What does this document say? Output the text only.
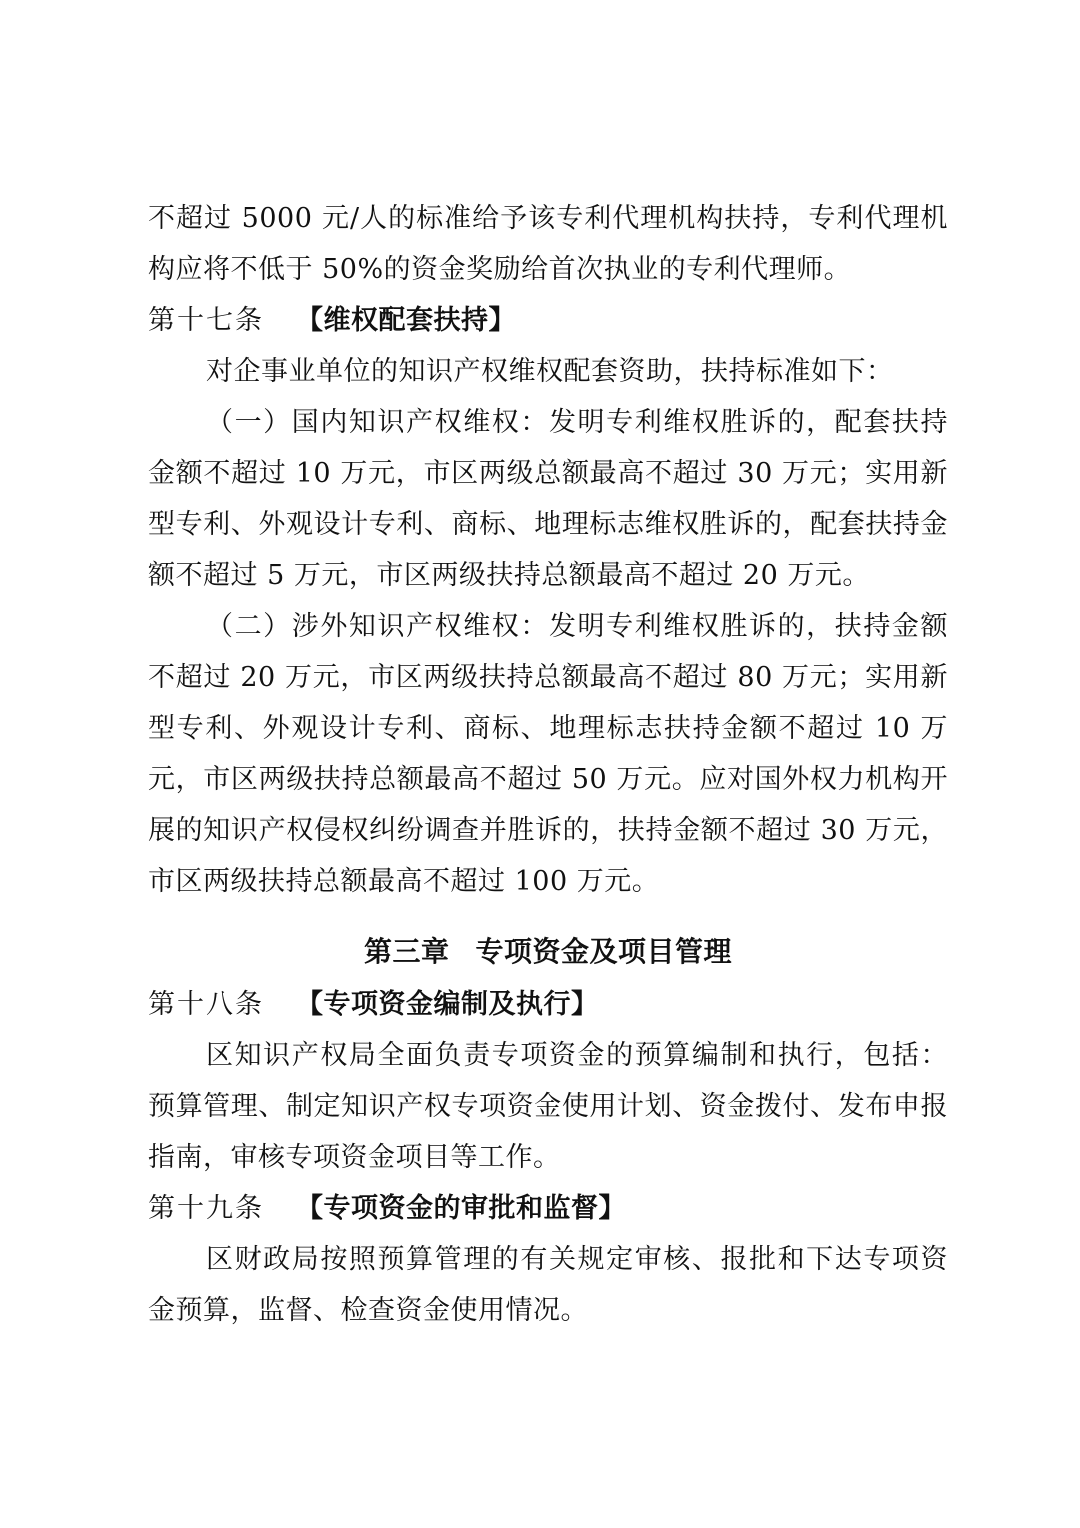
不超过 5000 元/人的标准给予该专利代理机构扶持，专利代理机构应将不低于 50%的资金奖励给首次执业的专利代理师。

第十七条 【维权配套扶持】

对企事业单位的知识产权维权配套资助，扶持标准如下：

（一）国内知识产权维权：发明专利维权胜诉的，配套扶持金额不超过 10 万元，市区两级总额最高不超过 30 万元；实用新型专利、外观设计专利、商标、地理标志维权胜诉的，配套扶持金额不超过 5 万元，市区两级扶持总额最高不超过 20 万元。

（二）涉外知识产权维权：发明专利维权胜诉的，扶持金额不超过 20 万元，市区两级扶持总额最高不超过 80 万元；实用新型专利、外观设计专利、商标、地理标志扶持金额不超过 10 万元，市区两级扶持总额最高不超过 50 万元。应对国外权力机构开展的知识产权侵权纠纷调查并胜诉的，扶持金额不超过 30 万元，市区两级扶持总额最高不超过 100 万元。

第三章 专项资金及项目管理

第十八条 【专项资金编制及执行】

区知识产权局全面负责专项资金的预算编制和执行，包括：预算管理、制定知识产权专项资金使用计划、资金拨付、发布申报指南，审核专项资金项目等工作。

第十九条 【专项资金的审批和监督】

区财政局按照预算管理的有关规定审核、报批和下达专项资金预算，监督、检查资金使用情况。
